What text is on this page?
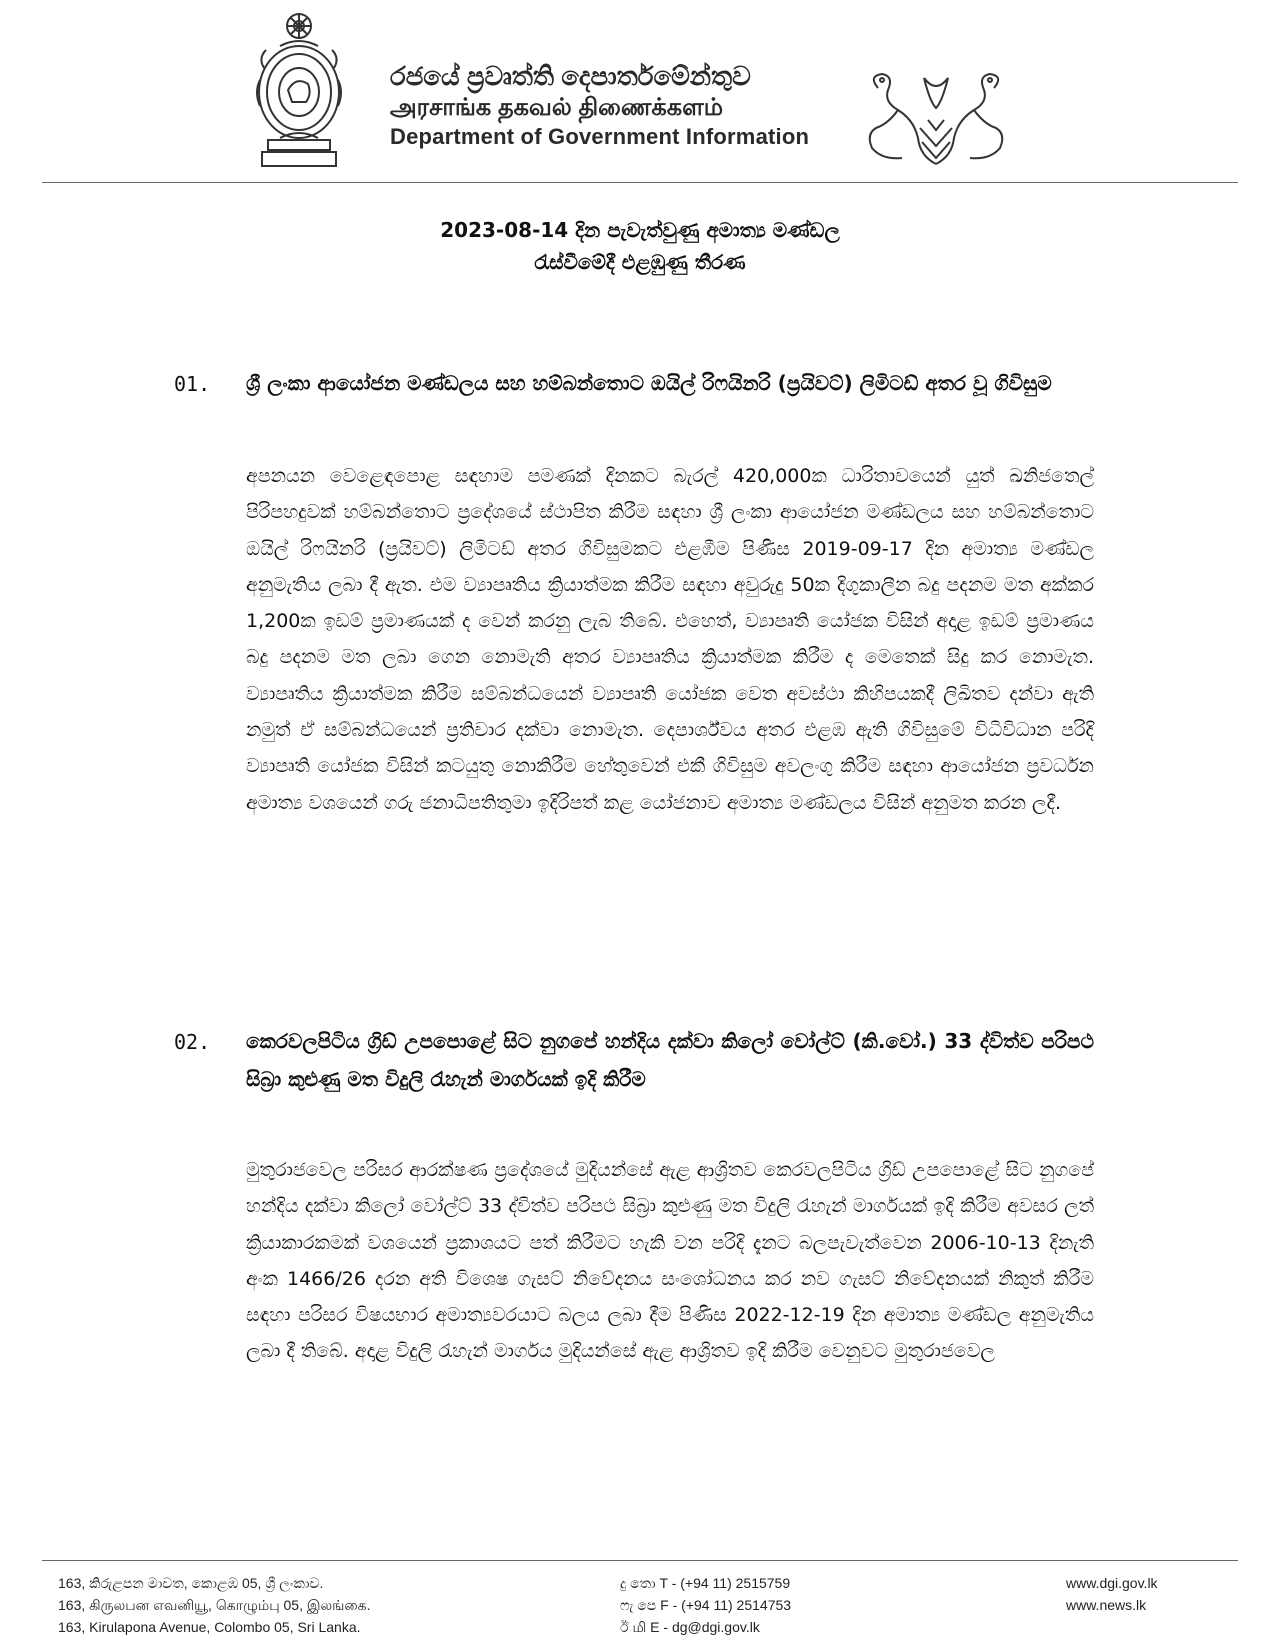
රජයේ ප්‍රවෘත්ති දෙපාර්තමේන්තුව
அரசாங்க தகவல் திணைக்களம்
Department of Government Information
2023-08-14 දින පැවැත්වුණු අමාත්‍ය මණ්ඩල
රැස්වීමේදී එළඹුණු තීරණ
01. ශ්‍රී ලංකා ආයෝජන මණ්ඩලය සහ හම්බන්තොට ඔයිල් රිෆයිනරි (ප්‍රයිවට්) ලිමිටඩ් අතර වූ ගිවිසුම
අපනයන වෙළෙඳපොළ සඳහාම පමණක් දිනකට බැරල් 420,000ක ධාරිතාවයෙන් යුත් ඛනිජතෙල් පිරිපහදුවක් හම්බන්තොට ප්‍රදේශයේ ස්ථාපිත කිරීම සඳහා ශ්‍රී ලංකා ආයෝජන මණ්ඩලය සහ හම්බන්තොට ඔයිල් රිෆයිනරි (ප්‍රයිවට්) ලිමිටඩ් අතර ගිවිසුමකට එළඹීම පිණිස 2019-09-17 දින අමාත්‍ය මණ්ඩල අනුමැතිය ලබා දී ඇත. එම ව්‍යාපෘතිය ක්‍රියාත්මක කිරීම සඳහා අවුරුදු 50ක දිගුකාලීන බදු පදනම මත අක්කර 1,200ක ඉඩම් ප්‍රමාණයක් ද වෙන් කරනු ලැබ තිබේ. එහෙත්, ව්‍යාපෘති යෝජක විසින් අදාළ ඉඩම් ප්‍රමාණය බදු පදනම මත ලබා ගෙන නොමැති අතර ව්‍යාපෘතිය ක්‍රියාත්මක කිරීම ද මෙතෙක් සිදු කර නොමැත. ව්‍යාපෘතිය ක්‍රියාත්මක කිරීම සම්බන්ධයෙන් ව්‍යාපෘති යෝජක වෙත අවස්ථා කිහිපයකදී ලිඛිතව දන්වා ඇති නමුත් ඒ සම්බන්ධයෙන් ප්‍රතිචාර දක්වා නොමැත. දෙපාර්ශ්වය අතර එළඹ ඇති ගිවිසුමේ විධිවිධාන පරිදි ව්‍යාපෘති යෝජක විසින් කටයුතු නොකිරීම හේතුවෙන් එකී ගිවිසුම අවලංගු කිරීම සඳහා ආයෝජන ප්‍රවර්ධන අමාත්‍ය වශයෙන් ගරු ජනාධිපතිතුමා ඉදිරිපත් කළ යෝජනාව අමාත්‍ය මණ්ඩලය විසින් අනුමත කරන ලදී.
02. කෙරවලපිටිය ග්‍රිඩ් උපපොළේ සිට නුගපේ හන්දිය දක්වා කිලෝ වෝල්ට් (කි.වෝ.) 33 ද්විත්ව පරිපථ සිබ්‍රා කුළුණු මත විදුලි රැහැන් මාර්ගයක් ඉදි කිරීම
මුතුරාජවෙල පරිසර ආරක්ෂණ ප්‍රදේශයේ මුදියන්සේ ඇළ ආශ්‍රිතව කෙරවලපිටිය ග්‍රිඩ් උපපොළේ සිට නුගපේ හන්දිය දක්වා කිලෝ වෝල්ට් 33 ද්විත්ව පරිපථ සිබ්‍රා කුළුණු මත විදුලි රැහැන් මාර්ගයක් ඉදි කිරීම අවසර ලත් ක්‍රියාකාරකමක් වශයෙන් ප්‍රකාශයට පත් කිරීමට හැකි වන පරිදි දැනට බලපැවැත්වෙන 2006-10-13 දිනැති අංක 1466/26 දරන අති විශෙෂ ගැසට් නිවේදනය සංශෝධනය කර නව ගැසට් නිවේදනයක් නිකුත් කිරීම සඳහා පරිසර විෂයභාර අමාත්‍යවරයාට බලය ලබා දීම පිණිස 2022-12-19 දින අමාත්‍ය මණ්ඩල අනුමැතිය ලබා දී තිබේ. අදාළ විදුලි රැහැන් මාර්ගය මුදියන්සේ ඇළ ආශ්‍රිතව ඉදි කිරීම වෙනුවට මුතුරාජවෙල
163, කිරුළපන මාවත, කොළඹ 05, ශ්‍රී ලංකාව.
163, கிருலபன எவனியூ, கொழும்பு 05, இலங்கை.
163, Kirulapona Avenue, Colombo 05, Sri Lanka.
දු තො T - (+94 11) 2515759
ෆැ පෙ F - (+94 11) 2514753
ඊ மி E - dg@dgi.gov.lk
www.dgi.gov.lk
www.news.lk
